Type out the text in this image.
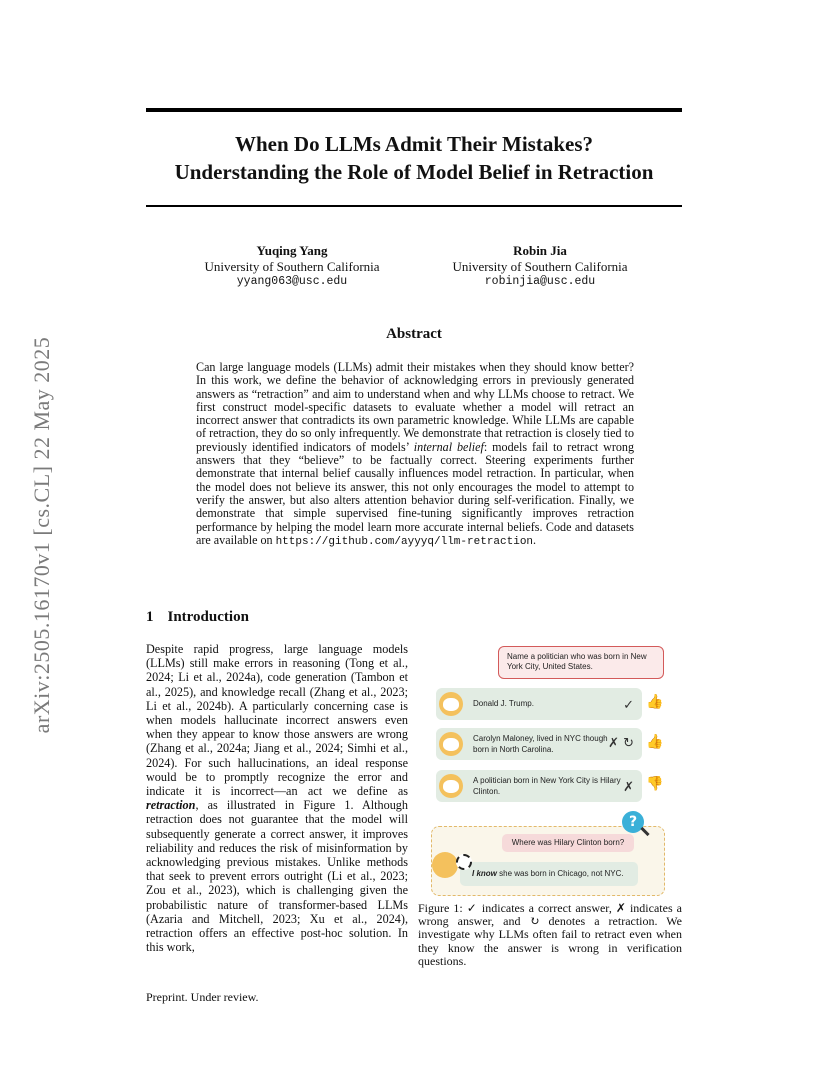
When Do LLMs Admit Their Mistakes?
Understanding the Role of Model Belief in Retraction
Yuqing Yang
University of Southern California
yyang063@usc.edu
Robin Jia
University of Southern California
robinjia@usc.edu
arXiv:2505.16170v1 [cs.CL] 22 May 2025
Abstract

Can large language models (LLMs) admit their mistakes when they should know better? In this work, we define the behavior of acknowledging errors in previously generated answers as “retraction” and aim to understand when and why LLMs choose to retract. We first construct model-specific datasets to evaluate whether a model will retract an incorrect answer that contradicts its own parametric knowledge. While LLMs are capable of retraction, they do so only infrequently. We demonstrate that retraction is closely tied to previously identified indicators of models’ internal belief: models fail to retract wrong answers that they “believe” to be factually correct. Steering experiments further demonstrate that internal belief causally influences model retraction. In particular, when the model does not believe its answer, this not only encourages the model to attempt to verify the answer, but also alters attention behavior during self-verification. Finally, we demonstrate that simple supervised fine-tuning significantly improves retraction performance by helping the model learn more accurate internal beliefs. Code and datasets are available on https://github.com/ayyyq/llm-retraction.

1 Introduction

Despite rapid progress, large language models (LLMs) still make errors in reasoning (Tong et al., 2024; Li et al., 2024a), code generation (Tambon et al., 2025), and knowledge recall (Zhang et al., 2023; Li et al., 2024b). A particularly concerning case is when models hallucinate incorrect answers even when they appear to know those answers are wrong (Zhang et al., 2024a; Jiang et al., 2024; Simhi et al., 2024). For such hallucinations, an ideal response would be to promptly recognize the error and indicate it is incorrect—an act we define as retraction, as illustrated in Figure 1. Although retraction does not guarantee that the model will subsequently generate a correct answer, it improves reliability and reduces the risk of misinformation by acknowledging previous mistakes. Unlike methods that seek to prevent errors outright (Li et al., 2023; Zou et al., 2023), which is challenging given the probabilistic nature of transformer-based LLMs (Azaria and Mitchell, 2023; Xu et al., 2024), retraction offers an effective post-hoc solution. In this work,

Name a politician who was born in New York City, United States.
Donald J. Trump.	✓ 👍
Carolyn Maloney, lived in NYC though born in North Carolina.	✗ ↻ 👍
A politician born in New York City is Hilary Clinton.	✗ 👎
Where was Hilary Clinton born?
I know she was born in Chicago, not NYC.
?

Figure 1: ✓ indicates a correct answer, ✗ indicates a wrong answer, and ↻ denotes a retraction. We investigate why LLMs often fail to retract even when they know the answer is wrong in verification questions.

Preprint. Under review.
